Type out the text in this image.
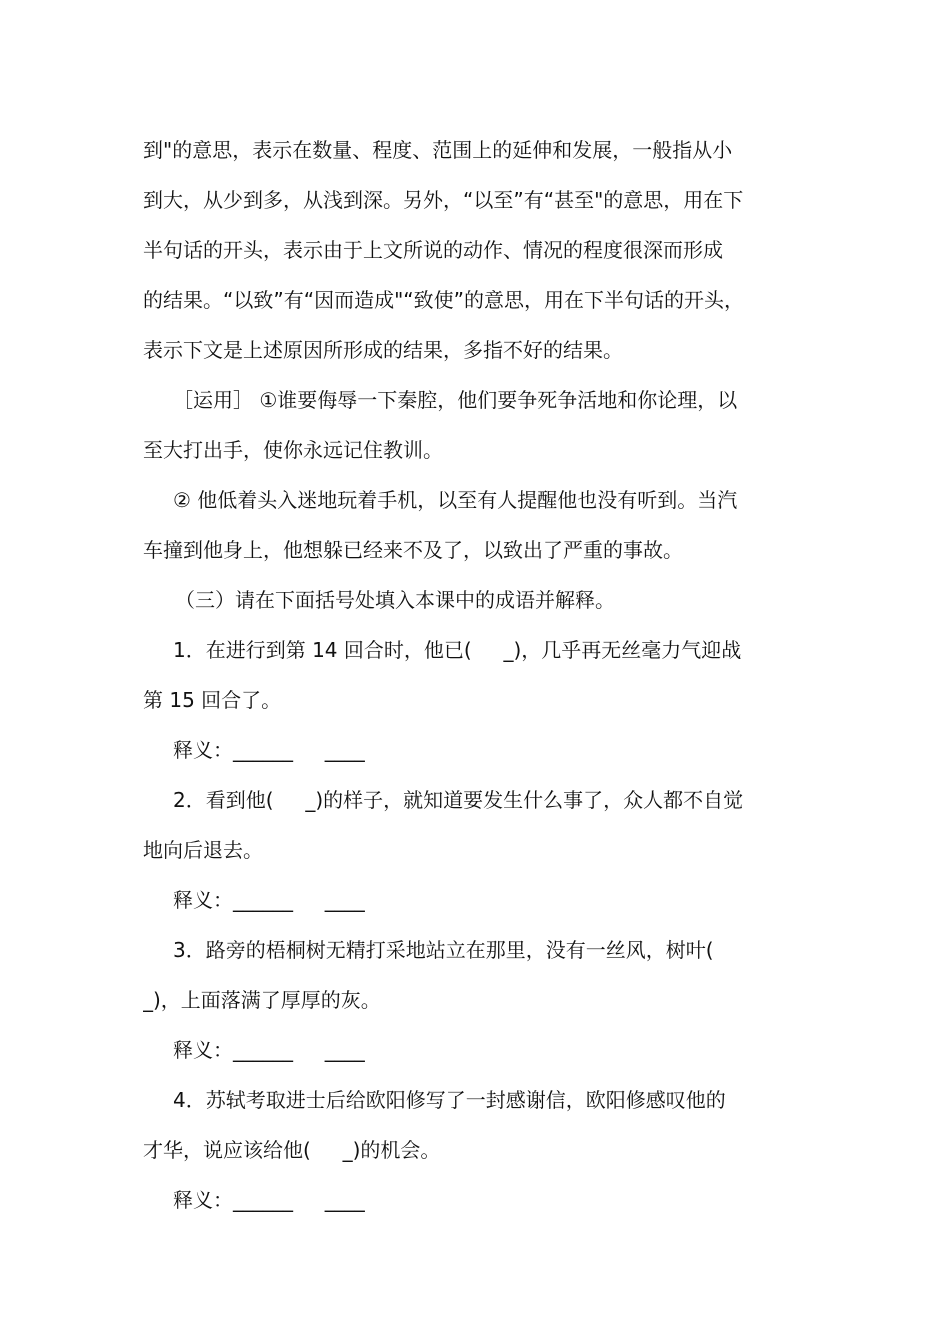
到"的意思，表示在数量、程度、范围上的延伸和发展，一般指从小
到大，从少到多，从浅到深。另外，“以至”有“甚至"的意思，用在下
半句话的开头，表示由于上文所说的动作、情况的程度很深而形成
的结果。“以致”有“因而造成"“致使”的意思，用在下半句话的开头，
表示下文是上述原因所形成的结果，多指不好的结果。
［运用］ ①谁要侮辱一下秦腔，他们要争死争活地和你论理，以
至大打出手，使你永远记住教训。
② 他低着头入迷地玩着手机，以至有人提醒他也没有听到。当汽
车撞到他身上，他想躲已经来不及了，以致出了严重的事故。
（三）请在下面括号处填入本课中的成语并解释。
1．在进行到第 14 回合时，他已(     _)，几乎再无丝毫力气迎战
第 15 回合了。
释义：______     ____
2．看到他(     _)的样子，就知道要发生什么事了，众人都不自觉
地向后退去。
释义：______     ____
3．路旁的梧桐树无精打采地站立在那里，没有一丝风，树叶(
_)，上面落满了厚厚的灰。
释义：______     ____
4．苏轼考取进士后给欧阳修写了一封感谢信，欧阳修感叹他的
才华，说应该给他(     _)的机会。
释义：______     ____
